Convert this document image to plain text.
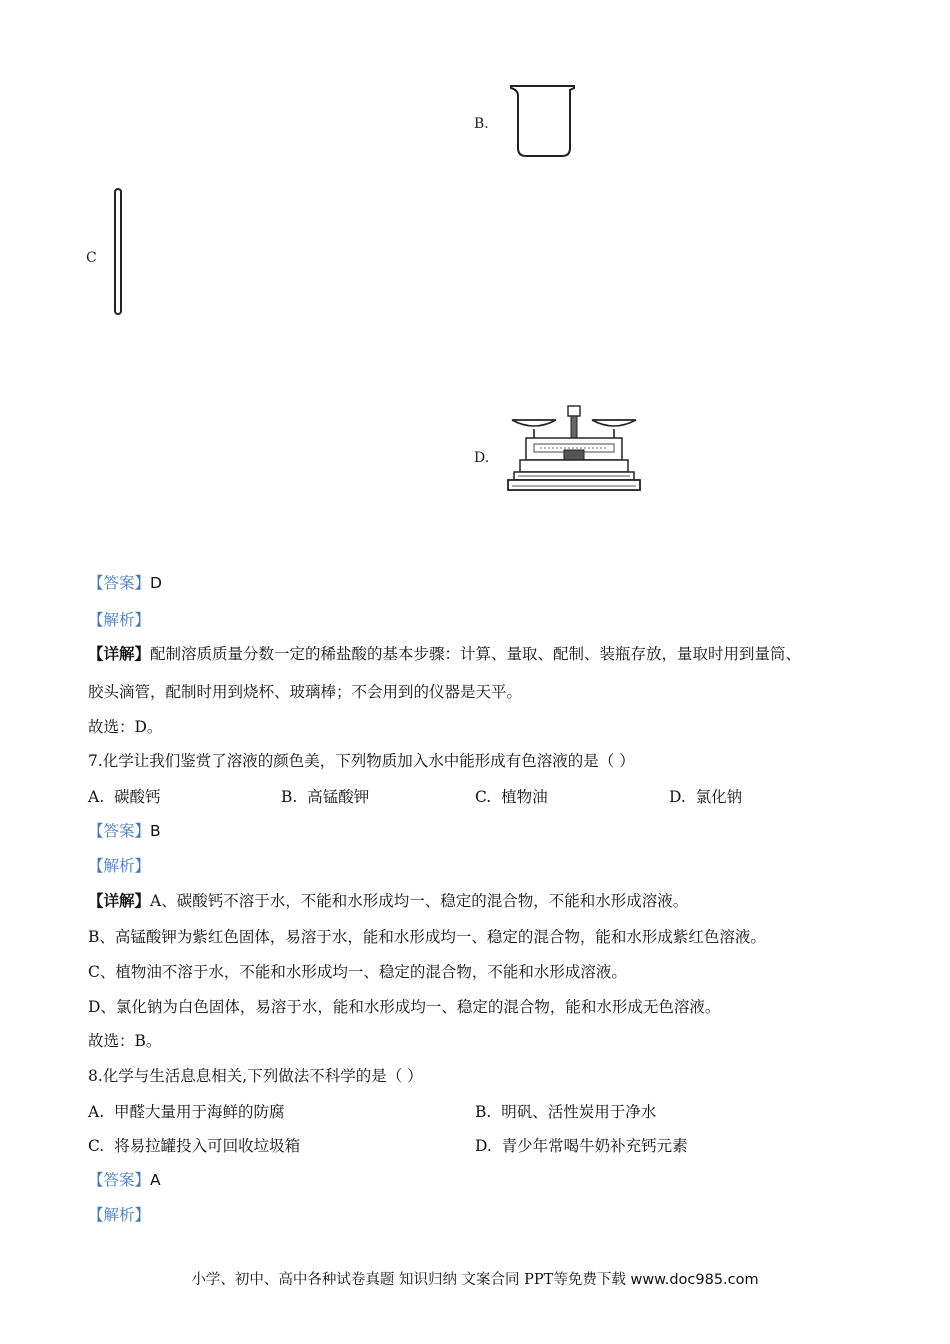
B.
C
D.
【答案】D
【解析】
【详解】配制溶质质量分数一定的稀盐酸的基本步骤：计算、量取、配制、装瓶存放，量取时用到量筒、
胶头滴管，配制时用到烧杯、玻璃棒；不会用到的仪器是天平。
故选：D。
7.化学让我们鉴赏了溶液的颜色美，下列物质加入水中能形成有色溶液的是（ ）
A. 碳酸钙	B. 高锰酸钾	C. 植物油	D. 氯化钠
【答案】B
【解析】
【详解】A、碳酸钙不溶于水，不能和水形成均一、稳定的混合物，不能和水形成溶液。
B、高锰酸钾为紫红色固体，易溶于水，能和水形成均一、稳定的混合物，能和水形成紫红色溶液。
C、植物油不溶于水，不能和水形成均一、稳定的混合物，不能和水形成溶液。
D、氯化钠为白色固体，易溶于水，能和水形成均一、稳定的混合物，能和水形成无色溶液。
故选：B。
8.化学与生活息息相关,下列做法不科学的是（ ）
A. 甲醛大量用于海鲜的防腐	B. 明矾、活性炭用于净水
C. 将易拉罐投入可回收垃圾箱	D. 青少年常喝牛奶补充钙元素
【答案】A
【解析】
小学、初中、高中各种试卷真题 知识归纳 文案合同 PPT等免费下载 www.doc985.com
